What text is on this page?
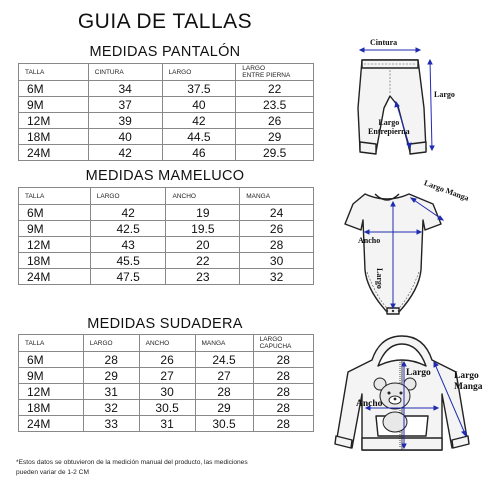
GUIA DE TALLAS
MEDIDAS PANTALÓN
TALLA	CINTURA	LARGO	LARGO
ENTRE PIERNA
6M	34	37.5	22
9M	37	40	23.5
12M	39	42	26
18M	40	44.5	29
24M	42	46	29.5
MEDIDAS MAMELUCO
TALLA	LARGO	ANCHO	MANGA
6M	42	19	24
9M	42.5	19.5	26
12M	43	20	28
18M	45.5	22	30
24M	47.5	23	32
MEDIDAS SUDADERA
TALLA	LARGO	ANCHO	MANGA	LARGO
CAPUCHA
6M	28	26	24.5	28
9M	29	27	27	28
12M	31	30	28	28
18M	32	30.5	29	28
24M	33	31	30.5	28
*Estos datos se obtuvieron de la medición manual del producto, las mediciones
pueden variar de 1-2 CM
Cintura
Largo
Largo
Entrepierna
Largo Manga
Ancho
Largo
Largo Largo
Manga
Ancho
